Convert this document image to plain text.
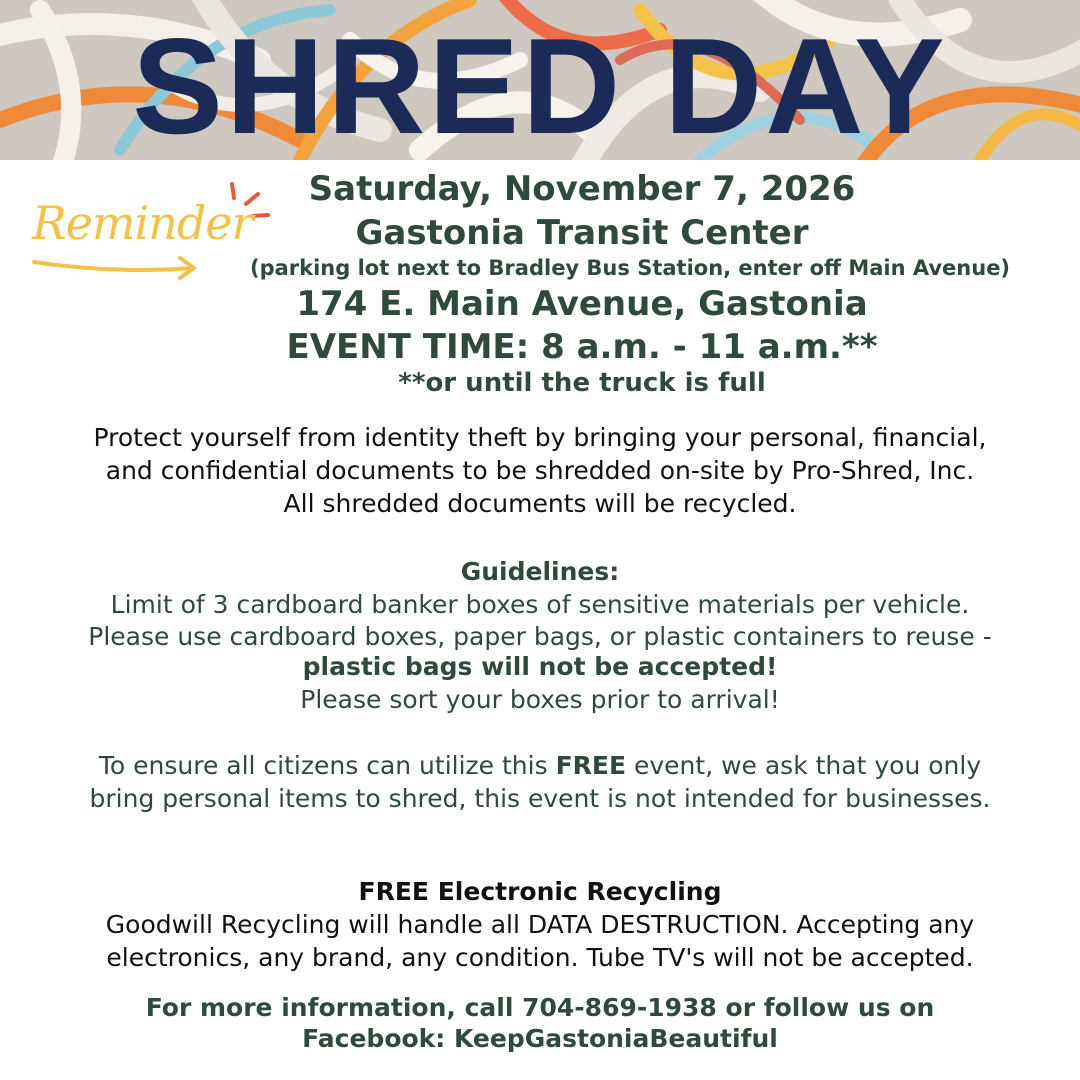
SHRED DAY
Reminder
Saturday, November 7, 2026
Gastonia Transit Center
(parking lot next to Bradley Bus Station, enter off Main Avenue)
174 E. Main Avenue, Gastonia
EVENT TIME: 8 a.m. - 11 a.m.**
**or until the truck is full
Protect yourself from identity theft by bringing your personal, financial,
and confidential documents to be shredded on-site by Pro-Shred, Inc.
All shredded documents will be recycled.
Guidelines:
Limit of 3 cardboard banker boxes of sensitive materials per vehicle.
Please use cardboard boxes, paper bags, or plastic containers to reuse -
plastic bags will not be accepted!
Please sort your boxes prior to arrival!
To ensure all citizens can utilize this FREE event, we ask that you only
bring personal items to shred, this event is not intended for businesses.
FREE Electronic Recycling
Goodwill Recycling will handle all DATA DESTRUCTION. Accepting any
electronics, any brand, any condition. Tube TV's will not be accepted.
For more information, call 704-869-1938 or follow us on
Facebook: KeepGastoniaBeautiful
